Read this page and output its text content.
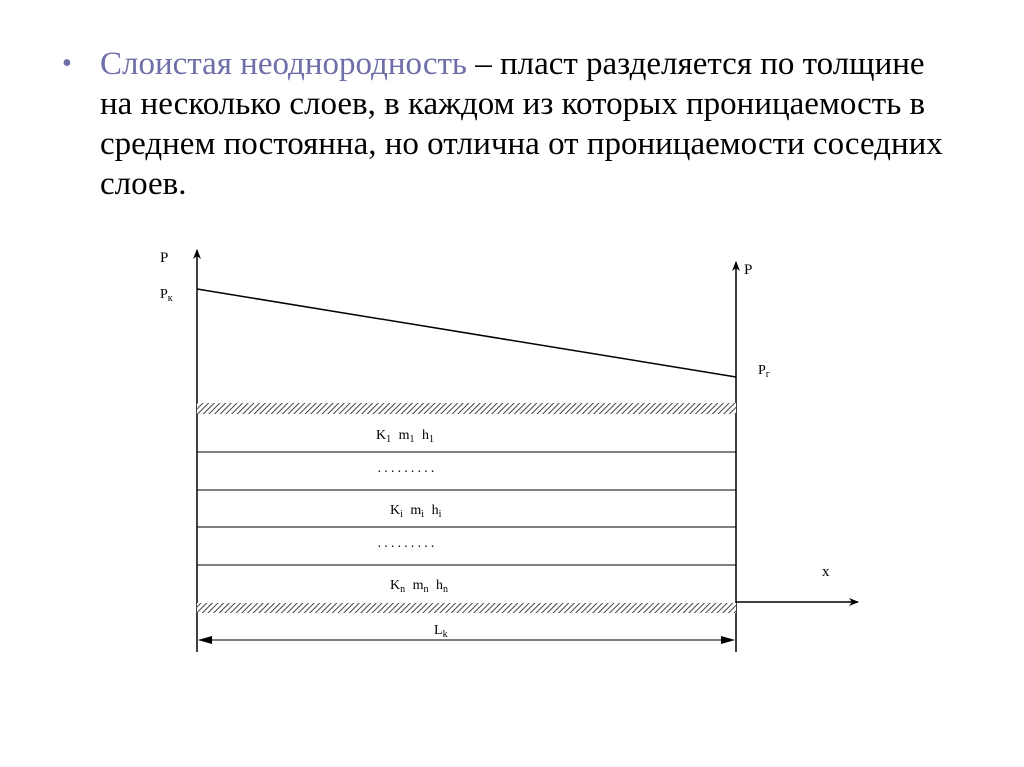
• Слоистая неоднородность – пласт разделяется по толщине на несколько слоев, в каждом из которых проницаемость в среднем постоянна, но отлична от проницаемости соседних слоев.

P
P
x
$P_к$
$P_г$
$K_1$ $m_1$ $h_1$
·········
$K_i$ $m_i$ $h_i$
·········
$K_n$ $m_n$ $h_n$
$L_k$
